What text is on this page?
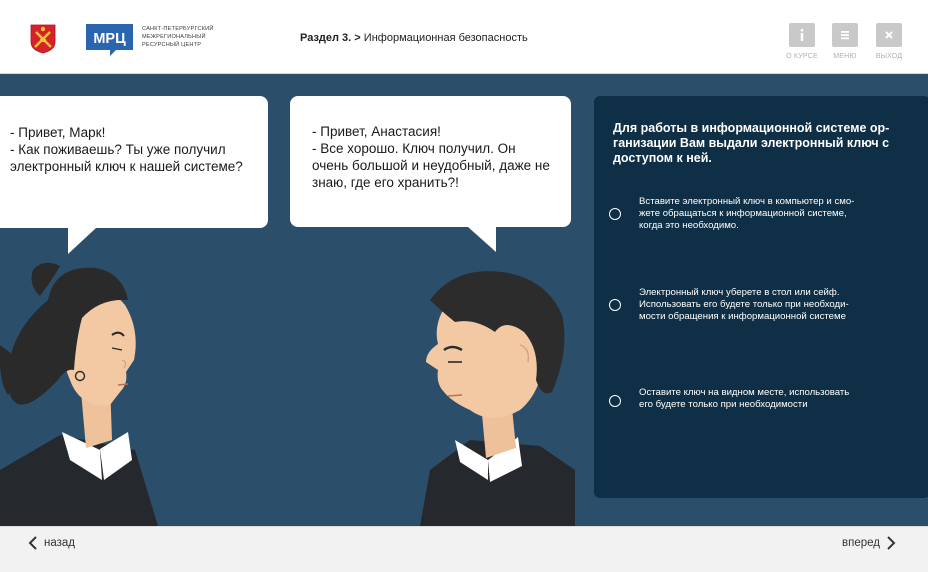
МРЦ
САНКТ-ПЕТЕРБУРГСКИЙ
МЕЖРЕГИОНАЛЬНЫЙ
РЕСУРСНЫЙ ЦЕНТР
Раздел 3. > Информационная безопасность
О КУРСЕ	МЕНЮ	ВЫХОД
- Привет, Марк!
- Как поживаешь? Ты уже получил
электронный ключ к нашей системе?
- Привет, Анастасия!
- Все хорошо. Ключ получил. Он
очень большой и неудобный, даже не
знаю, где его хранить?!
Для работы в информационной системе ор-
ганизации Вам выдали электронный ключ с
доступом к ней.
Вставите электронный ключ в компьютер и смо-
жете обращаться к информационной системе,
когда это необходимо.
Электронный ключ уберете в стол или сейф.
Использовать его будете только при необходи-
мости обращения к информационной системе
Оставите ключ на видном месте, использовать
его будете только при необходимости
назад	вперед
